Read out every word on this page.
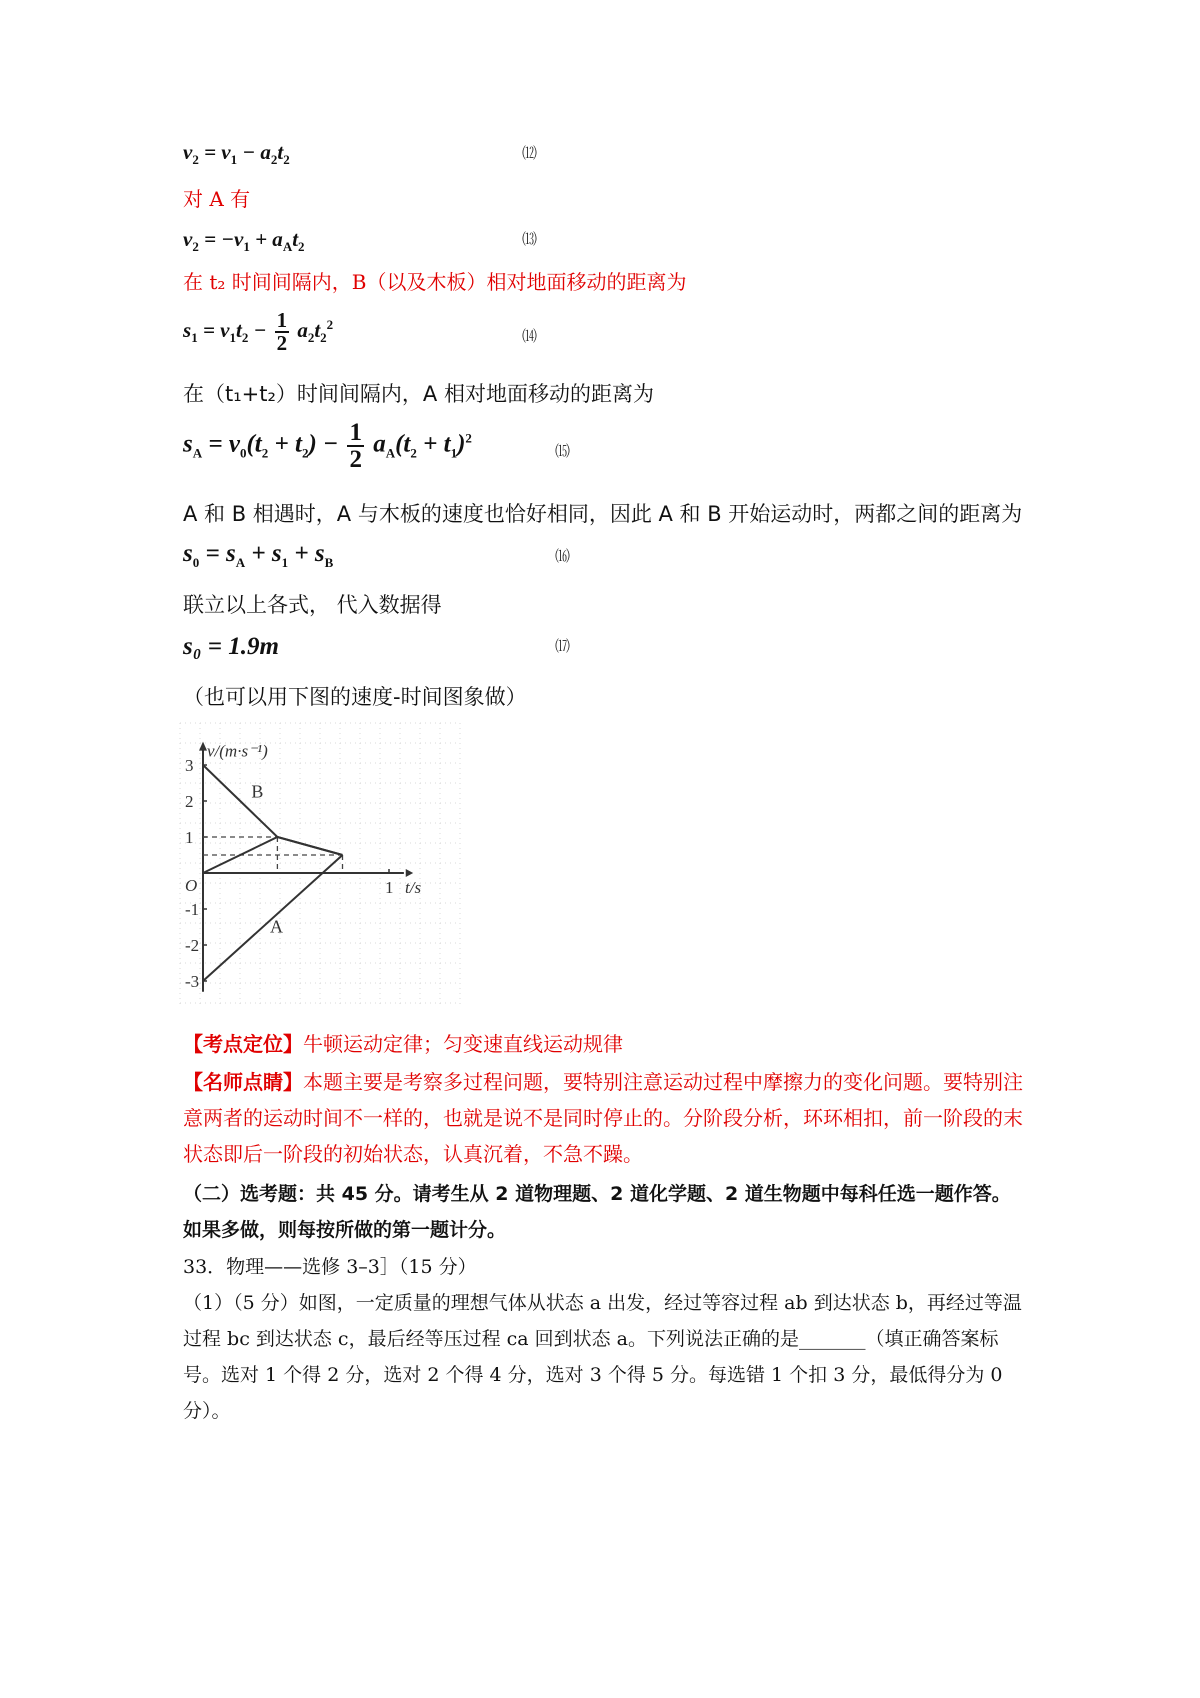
$v_2 = v_1 - a_2t_2$	⑿
对 A 有
$v_2 = -v_1 + a_At_2$	⒀
在 t₂ 时间间隔内，B（以及木板）相对地面移动的距离为
$s_1 = v_1t_2 - \frac{1}{2} a_2t_2^2$
⒁
在（t₁+t₂）时间间隔内，A 相对地面移动的距离为
$s_A = v_0(t_2 + t_2) - \frac{1}{2} a_A(t_2 + t_1)^2$
⒂
A 和 B 相遇时，A 与木板的速度也恰好相同，因此 A 和 B 开始运动时，两都之间的距离为
$s_0 = s_A + s_1 + s_B$	⒃
联立以上各式， 代入数据得
s₀ = 1.9m	⒄
（也可以用下图的速度-时间图象做）
v/(m·s⁻¹)
t/s
3
2
1
O
-1
-2
-3
1
B
A
【考点定位】牛顿运动定律；匀变速直线运动规律
【名师点睛】本题主要是考察多过程问题，要特别注意运动过程中摩擦力的变化问题。要特别注意两者的运动时间不一样的，也就是说不是同时停止的。分阶段分析，环环相扣，前一阶段的末状态即后一阶段的初始状态，认真沉着，不急不躁。
（二）选考题：共 45 分。请考生从 2 道物理题、2 道化学题、2 道生物题中每科任选一题作答。如果多做，则每按所做的第一题计分。
33．物理——选修 3–3］（15 分）
（1）（5 分）如图，一定质量的理想气体从状态 a 出发，经过等容过程 ab 到达状态 b，再经过等温过程 bc 到达状态 c，最后经等压过程 ca 回到状态 a。下列说法正确的是_______（填正确答案标号。选对 1 个得 2 分，选对 2 个得 4 分，选对 3 个得 5 分。每选错 1 个扣 3 分，最低得分为 0 分）。
